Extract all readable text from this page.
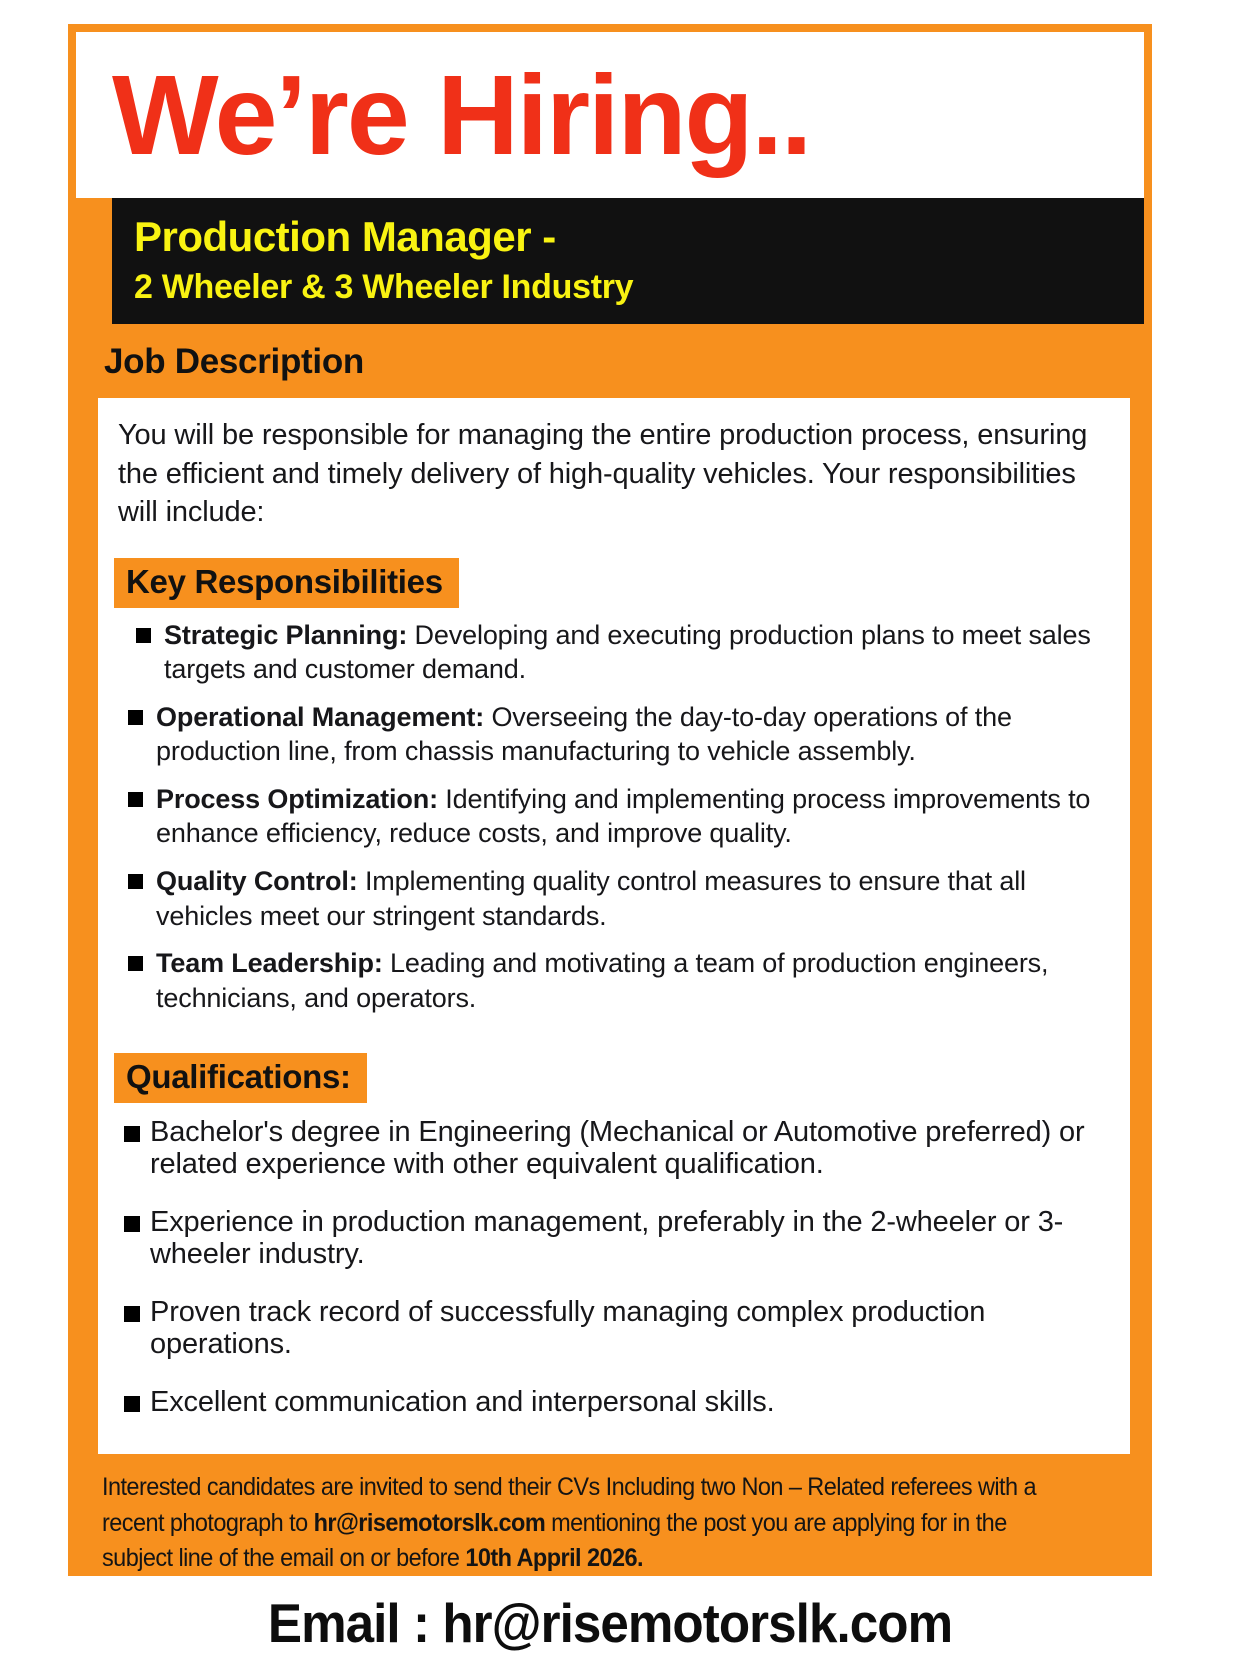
We’re Hiring..
Production Manager -
2 Wheeler & 3 Wheeler Industry
Job Description
You will be responsible for managing the entire production process, ensuring the efficient and timely delivery of high-quality vehicles. Your responsibilities will include:
Key Responsibilities
Strategic Planning: Developing and executing production plans to meet sales targets and customer demand.
Operational Management: Overseeing the day-to-day operations of the production line, from chassis manufacturing to vehicle assembly.
Process Optimization: Identifying and implementing process improvements to enhance efficiency, reduce costs, and improve quality.
Quality Control: Implementing quality control measures to ensure that all vehicles meet our stringent standards.
Team Leadership: Leading and motivating a team of production engineers, technicians, and operators.
Qualifications:
Bachelor's degree in Engineering (Mechanical or Automotive preferred) or related experience with other equivalent qualification.
Experience in production management, preferably in the 2-wheeler or 3-wheeler industry.
Proven track record of successfully managing complex production operations.
Excellent communication and interpersonal skills.
Interested candidates are invited to send their CVs Including two Non – Related referees with a recent photograph to hr@risemotorslk.com mentioning the post you are applying for in the subject line of the email on or before 10th Appril 2026.
Email : hr@risemotorslk.com
